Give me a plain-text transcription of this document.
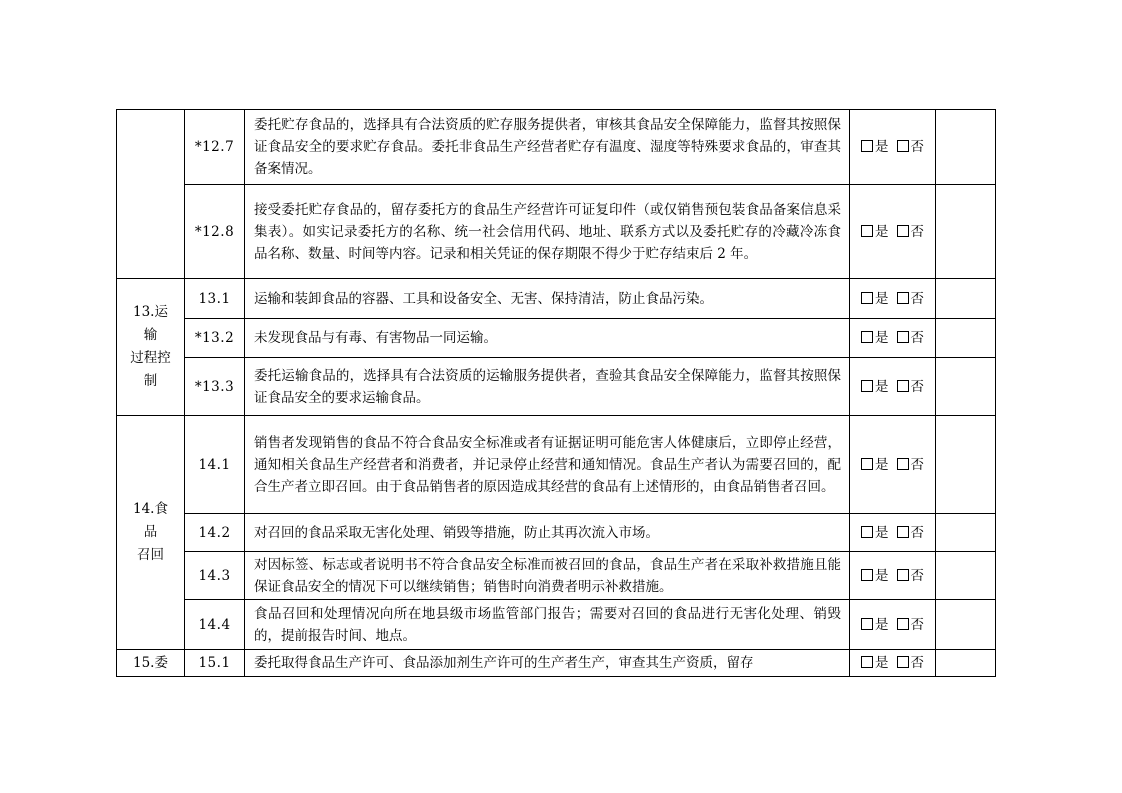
	*12.7	委托贮存食品的，选择具有合法资质的贮存服务提供者，审核其食品安全保障能力，监督其按照保证食品安全的要求贮存食品。委托非食品生产经营者贮存有温度、湿度等特殊要求食品的，审查其备案情况。	是 否	
	*12.8	接受委托贮存食品的，留存委托方的食品生产经营许可证复印件（或仅销售预包装食品备案信息采集表）。如实记录委托方的名称、统一社会信用代码、地址、联系方式以及委托贮存的冷藏冷冻食品名称、数量、时间等内容。记录和相关凭证的保存期限不得少于贮存结束后 2 年。	是 否	

13.运
输
过程控
制	13.1	运输和装卸食品的容器、工具和设备安全、无害、保持清洁，防止食品污染。	是 否	
	*13.2	未发现食品与有毒、有害物品一同运输。	是 否	
	*13.3	委托运输食品的，选择具有合法资质的运输服务提供者，查验其食品安全保障能力，监督其按照保证食品安全的要求运输食品。	是 否	

14.食
品
召回	14.1	销售者发现销售的食品不符合食品安全标准或者有证据证明可能危害人体健康后，立即停止经营，通知相关食品生产经营者和消费者，并记录停止经营和通知情况。食品生产者认为需要召回的，配合生产者立即召回。由于食品销售者的原因造成其经营的食品有上述情形的，由食品销售者召回。	是 否	
	14.2	对召回的食品采取无害化处理、销毁等措施，防止其再次流入市场。	是 否	
	14.3	对因标签、标志或者说明书不符合食品安全标准而被召回的食品，食品生产者在采取补救措施且能保证食品安全的情况下可以继续销售；销售时向消费者明示补救措施。	是 否	
	14.4	食品召回和处理情况向所在地县级市场监管部门报告；需要对召回的食品进行无害化处理、销毁的，提前报告时间、地点。	是 否	
15.委	15.1	委托取得食品生产许可、食品添加剂生产许可的生产者生产，审查其生产资质，留存	是 否	
